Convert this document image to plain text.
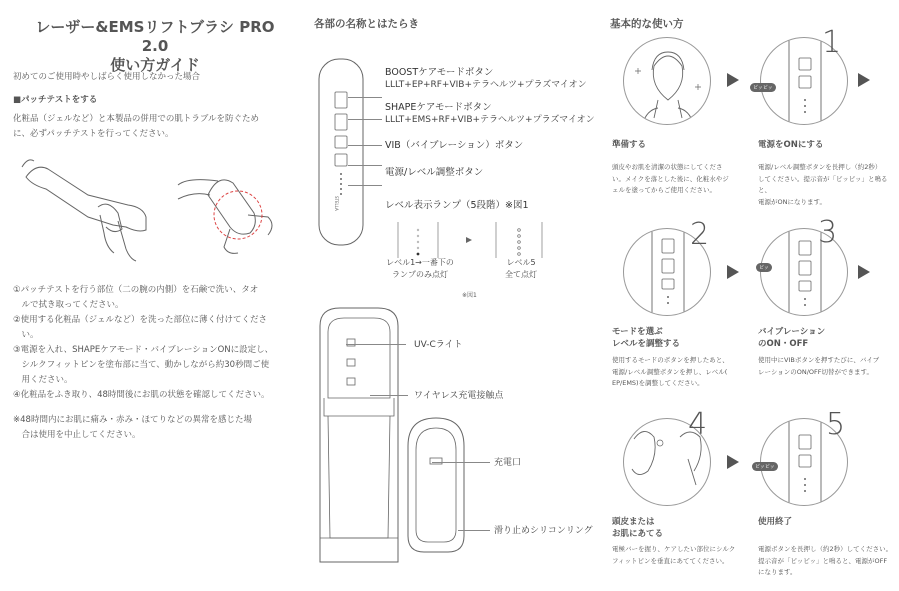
レーザー&EMSリフトブラシ PRO 2.0
使い方ガイド
初めてのご使用時やしばらく使用しなかった場合
■パッチテストをする
化粧品（ジェルなど）と本製品の併用での肌トラブルを防ぐため
に、必ずパッチテストを行ってください。
①パッチテストを行う部位（二の腕の内側）を石鹸で洗い、タオ
　ルで拭き取ってください。
②使用する化粧品（ジェルなど）を洗った部位に薄く付けてくださ
　い。
③電源を入れ、SHAPEケアモード・バイブレーションONに設定し、
　シルクフィットピンを塗布部に当て、動かしながら約30秒間ご使
　用ください。
④化粧品をふき取り、48時間後にお肌の状態を確認してください。
※48時間内にお肌に痛み・赤み・ほてりなどの異常を感じた場
　合は使用を中止してください。
各部の名称とはたらき
STELLA
BOOSTケアモードボタン
LLLT+EP+RF+VIB+テラヘルツ+プラズマイオン
SHAPEケアモードボタン
LLLT+EMS+RF+VIB+テラヘルツ+プラズマイオン
VIB（バイブレーション）ボタン
電源/レベル調整ボタン
レベル表示ランプ（5段階）※図1
レベル1→一番下の
ランプのみ点灯
レベル5
全て点灯
※図1
UV-Cライト
ワイヤレス充電接触点
充電口
滑り止めシリコンリング
基本的な使い方
1
ピッピッ
準備する
頭皮やお肌を清潔の状態にしてくださ
い。メイクを落とした後に、化粧水やジ
ェルを塗ってからご使用ください。
電源をONにする
電源/レベル調整ボタンを長押し（約2秒）
してください。提示音が「ピッピッ」と鳴ると、
電源がONになります。
2	3
ピッ
モードを選ぶ
レベルを調整する
使用するモードのボタンを押したあと、
電源/レベル調整ボタンを押し、レベル(
EP/EMS)を調整してください。
バイブレーション
のON・OFF
使用中にVIBボタンを押すたびに、バイブ
レーションのON/OFF切替ができます。
4	5
ピッピッ
頭皮または
お肌にあてる
電極バーを握り、ケアしたい部位にシルク
フィットピンを垂直にあててください。
使用終了
電源ボタンを長押し（約2秒）してください。
提示音が「ピッピッ」と鳴ると、電源がOFF
になります。
